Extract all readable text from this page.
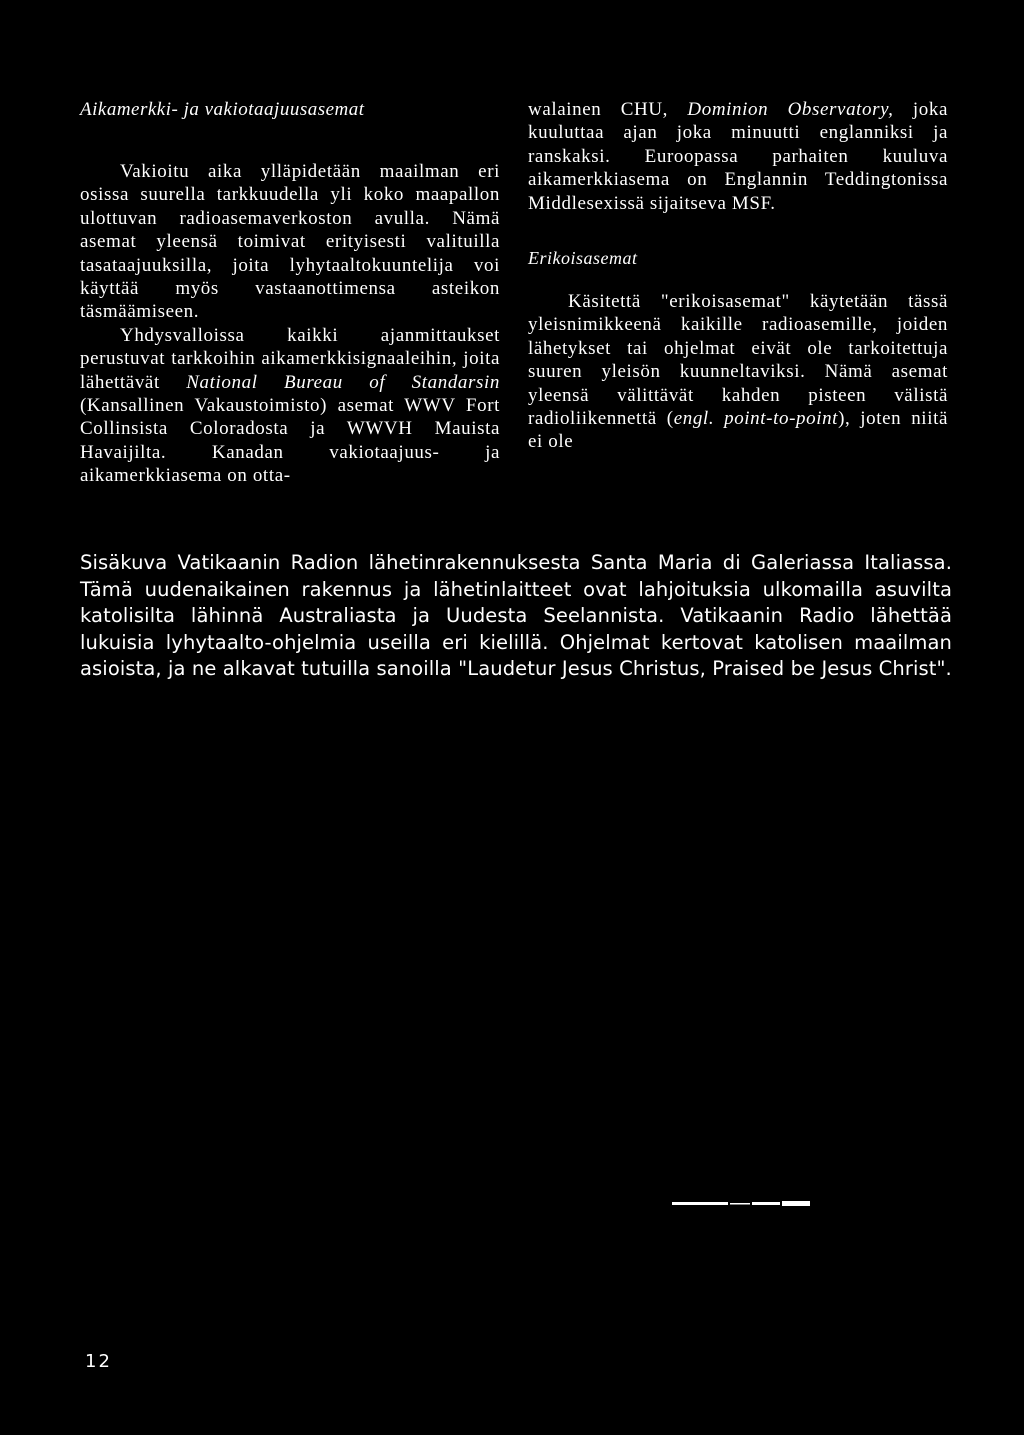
Aikamerkki- ja vakiotaajuusasemat

Vakioitu aika ylläpidetään maailman eri osissa suurella tarkkuudella yli koko maapallon ulottuvan radioasemaverkoston avulla. Nämä asemat yleensä toimivat erityisesti valituilla tasataajuuksilla, joita lyhytaaltokuuntelija voi käyttää myös vastaanottimensa asteikon täsmäämiseen.

Yhdysvalloissa kaikki ajanmittaukset perustuvat tarkkoihin aikamerkkisignaaleihin, joita lähettävät National Bureau of Standarsin (Kansallinen Vakaustoimisto) asemat WWV Fort Collinsista Coloradosta ja WWVH Mauista Havaijilta. Kanadan vakiotaajuus- ja aikamerkkiasema on otta-

walainen CHU, Dominion Observatory, joka kuuluttaa ajan joka minuutti englanniksi ja ranskaksi. Euroopassa parhaiten kuuluva aikamerkkiasema on Englannin Teddingtonissa Middlesexissä sijaitseva MSF.

Erikoisasemat

Käsitettä "erikoisasemat" käytetään tässä yleisnimikkeenä kaikille radioasemille, joiden lähetykset tai ohjelmat eivät ole tarkoitettuja suuren yleisön kuunneltaviksi. Nämä asemat yleensä välittävät kahden pisteen välistä radioliikennettä (engl. point-to-point), joten niitä ei ole

Sisäkuva Vatikaanin Radion lähetinrakennuksesta Santa Maria di Galeriassa Italiassa. Tämä uudenaikainen rakennus ja lähetinlaitteet ovat lahjoituksia ulkomailla asuvilta katolisilta lähinnä Australiasta ja Uudesta Seelannista. Vatikaanin Radio lähettää lukuisia lyhytaalto-ohjelmia useilla eri kielillä. Ohjelmat kertovat katolisen maailman asioista, ja ne alkavat tutuilla sanoilla "Laudetur Jesus Christus, Praised be Jesus Christ".

12
